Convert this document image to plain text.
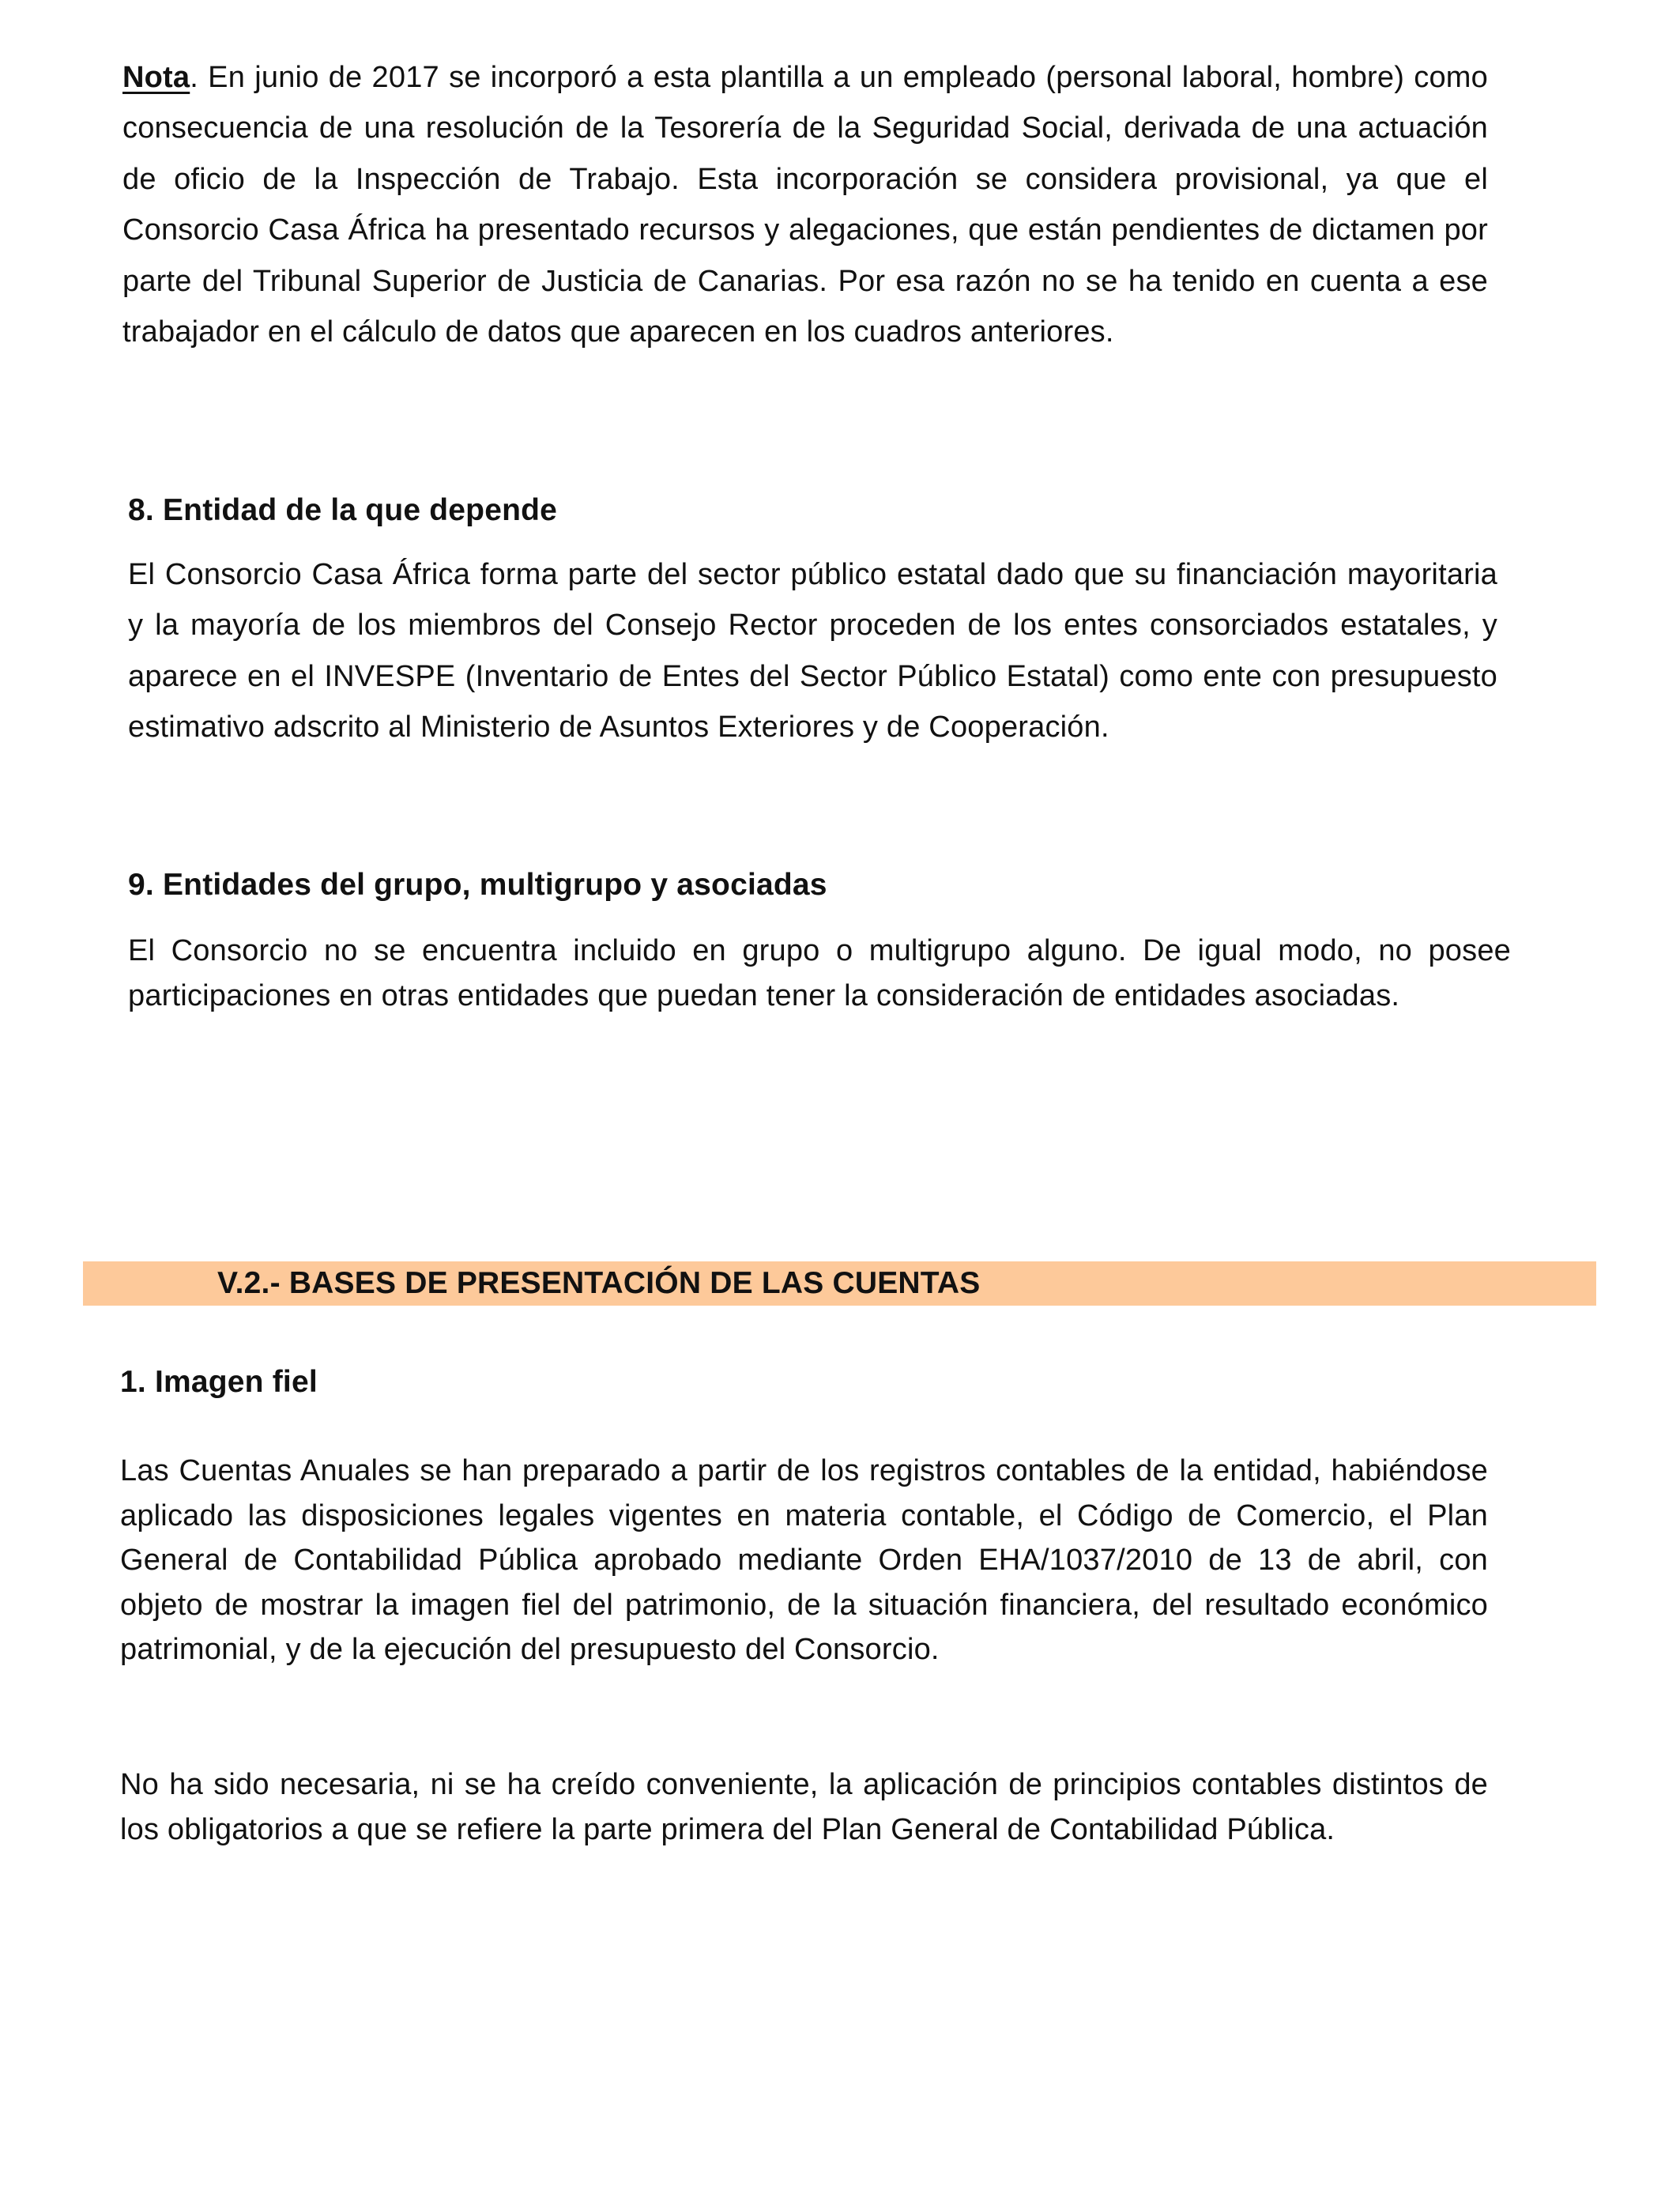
Nota. En junio de 2017 se incorporó a esta plantilla a un empleado (personal laboral, hombre) como consecuencia de una resolución de la Tesorería de la Seguridad Social, derivada de una actuación de oficio de la Inspección de Trabajo. Esta incorporación se considera provisional, ya que el Consorcio Casa África ha presentado recursos y alegaciones, que están pendientes de dictamen por parte del Tribunal Superior de Justicia de Canarias. Por esa razón no se ha tenido en cuenta a ese trabajador en el cálculo de datos que aparecen en los cuadros anteriores.

8. Entidad de la que depende

El Consorcio Casa África forma parte del sector público estatal dado que su financiación mayoritaria y la mayoría de los miembros del Consejo Rector proceden de los entes consorciados estatales, y aparece en el INVESPE (Inventario de Entes del Sector Público Estatal) como ente con presupuesto estimativo adscrito al Ministerio de Asuntos Exteriores y de Cooperación.

9. Entidades del grupo, multigrupo y asociadas

El Consorcio no se encuentra incluido en grupo o multigrupo alguno. De igual modo, no posee participaciones en otras entidades que puedan tener la consideración de entidades asociadas.

V.2.- BASES DE PRESENTACIÓN DE LAS CUENTAS
1. Imagen fiel

Las Cuentas Anuales se han preparado a partir de los registros contables de la entidad, habiéndose aplicado las disposiciones legales vigentes en materia contable, el Código de Comercio, el Plan General de Contabilidad Pública aprobado mediante Orden EHA/1037/2010 de 13 de abril, con objeto de mostrar la imagen fiel del patrimonio, de la situación financiera, del resultado económico patrimonial, y de la ejecución del presupuesto del Consorcio.

No ha sido necesaria, ni se ha creído conveniente, la aplicación de principios contables distintos de los obligatorios a que se refiere la parte primera del Plan General de Contabilidad Pública.
